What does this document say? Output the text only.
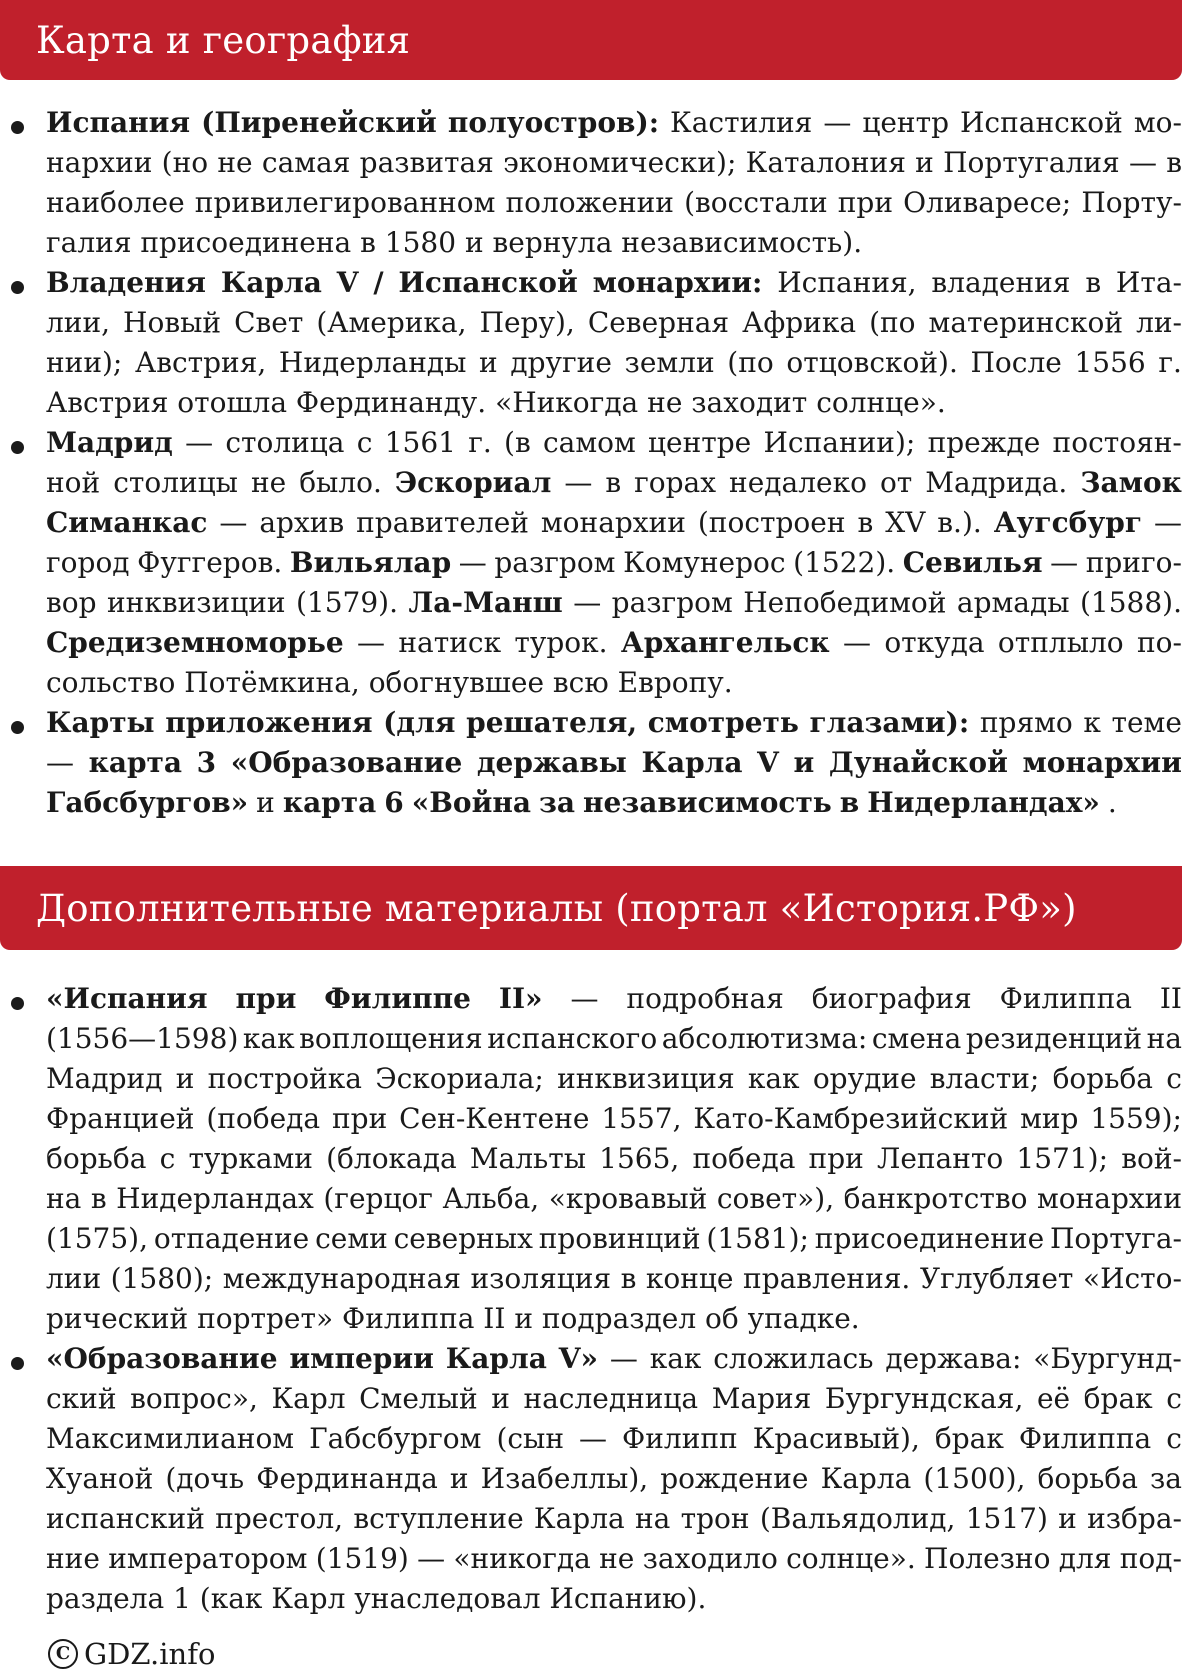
Карта и география
Испания (Пиренейский полуостров): Кастилия — центр Испанской мо-
нархии (но не самая развитая экономически); Каталония и Португалия — в
наиболее привилегированном положении (восстали при Оливаресе; Порту-
галия присоединена в 1580 и вернула независимость).
Владения Карла V / Испанской монархии: Испания, владения в Ита-
лии, Новый Свет (Америка, Перу), Северная Африка (по материнской ли-
нии); Австрия, Нидерланды и другие земли (по отцовской). После 1556 г.
Австрия отошла Фердинанду. «Никогда не заходит солнце».
Мадрид — столица с 1561 г. (в самом центре Испании); прежде постоян-
ной столицы не было. Эскориал — в горах недалеко от Мадрида. Замок
Симанкас — архив правителей монархии (построен в XV в.). Аугсбург —
город Фуггеров. Вильялар — разгром Комунерос (1522). Севилья — приго-
вор инквизиции (1579). Ла-Манш — разгром Непобедимой армады (1588).
Средиземноморье — натиск турок. Архангельск — откуда отплыло по-
сольство Потёмкина, обогнувшее всю Европу.
Карты приложения (для решателя, смотреть глазами): прямо к теме
— карта 3 «Образование державы Карла V и Дунайской монархии
Габсбургов» и карта 6 «Война за независимость в Нидерландах» .
Дополнительные материалы (портал «История.РФ»)
«Испания при Филиппе II» — подробная биография Филиппа II
(1556—1598) как воплощения испанского абсолютизма: смена резиденций на
Мадрид и постройка Эскориала; инквизиция как орудие власти; борьба с
Францией (победа при Сен-Кентене 1557, Като-Камбрезийский мир 1559);
борьба с турками (блокада Мальты 1565, победа при Лепанто 1571); вой-
на в Нидерландах (герцог Альба, «кровавый совет»), банкротство монархии
(1575), отпадение семи северных провинций (1581); присоединение Португа-
лии (1580); международная изоляция в конце правления. Углубляет «Исто-
рический портрет» Филиппа II и подраздел об упадке.
«Образование империи Карла V» — как сложилась держава: «Бургунд-
ский вопрос», Карл Смелый и наследница Мария Бургундская, её брак с
Максимилианом Габсбургом (сын — Филипп Красивый), брак Филиппа с
Хуаной (дочь Фердинанда и Изабеллы), рождение Карла (1500), борьба за
испанский престол, вступление Карла на трон (Вальядолид, 1517) и избра-
ние императором (1519) — «никогда не заходило солнце». Полезно для под-
раздела 1 (как Карл унаследовал Испанию).
C GDZ.info
